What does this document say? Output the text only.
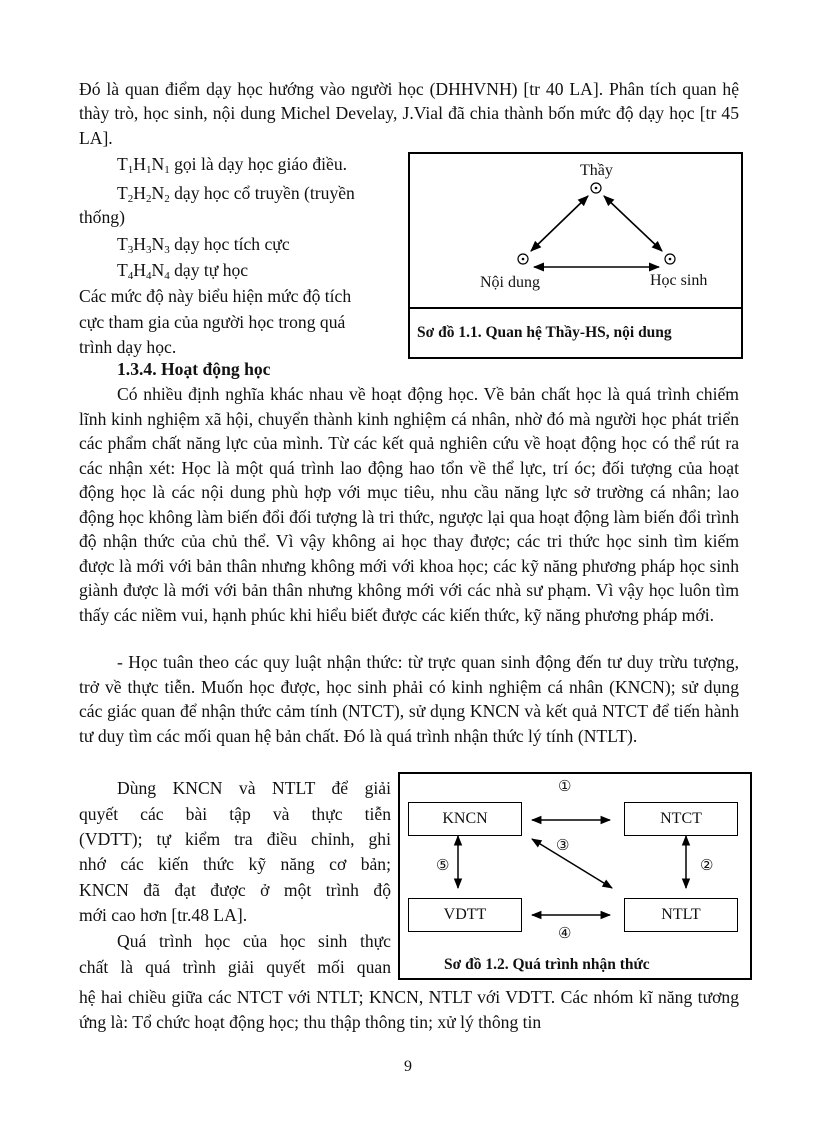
Đó là quan điểm dạy học hướng vào người học (DHHVNH) [tr 40 LA]. Phân tích quan hệ thày trò, học sinh, nội dung Michel Develay, J.Vial đã chia thành bốn mức độ dạy học [tr 45 LA].

$T_1H_1N_1$ gọi là dạy học giáo điều.
$T_2H_2N_2$ dạy học cổ truyền (truyền
thống)
$T_3H_3N_3$ dạy học tích cực
$T_4H_4N_4$ dạy tự học
Các mức độ này biểu hiện mức độ tích
cực tham gia của người học trong quá
trình dạy học.
Thầy
Nội dung	Học sinh
Sơ đồ 1.1. Quan hệ Thầy-HS, nội dung
1.3.4. Hoạt động học

Có nhiều định nghĩa khác nhau về hoạt động học. Về bản chất học là quá trình chiếm lĩnh kinh nghiệm xã hội, chuyển thành kinh nghiệm cá nhân, nhờ đó mà người học phát triển các phẩm chất năng lực của mình. Từ các kết quả nghiên cứu về hoạt động học có thể rút ra các nhận xét: Học là một quá trình lao động hao tổn về thể lực, trí óc; đối tượng của hoạt động học là các nội dung phù hợp với mục tiêu, nhu cầu năng lực sở trường cá nhân; lao động học không làm biến đổi đối tượng là tri thức, ngược lại qua hoạt động làm biến đổi trình độ nhận thức của chủ thể. Vì vậy không ai học thay được; các tri thức học sinh tìm kiếm được là mới với bản thân nhưng không mới với khoa học; các kỹ năng phương pháp học sinh giành được là mới với bản thân nhưng không mới với các nhà sư phạm. Vì vậy học luôn tìm thấy các niềm vui, hạnh phúc khi hiểu biết được các kiến thức, kỹ năng phương pháp mới.

- Học tuân theo các quy luật nhận thức: từ trực quan sinh động đến tư duy trừu tượng, trở về thực tiễn. Muốn học được, học sinh phải có kinh nghiệm cá nhân (KNCN); sử dụng các giác quan để nhận thức cảm tính (NTCT), sử dụng KNCN và kết quả NTCT để tiến hành tư duy tìm các mối quan hệ bản chất. Đó là quá trình nhận thức lý tính (NTLT).

Dùng KNCN và NTLT để giải
quyết các bài tập và thực tiễn
(VDTT); tự kiểm tra điều chỉnh, ghi
nhớ các kiến thức kỹ năng cơ bản;
KNCN đã đạt được ở một trình độ
mới cao hơn [tr.48 LA].
Quá trình học của học sinh thực
chất là quá trình giải quyết mối quan
KNCN	NTCT
VDTT	NTLT
①
②
③
④
⑤
Sơ đồ 1.2. Quá trình nhận thức

hệ hai chiều giữa các NTCT với NTLT; KNCN, NTLT với VDTT. Các nhóm kĩ năng tương ứng là: Tổ chức hoạt động học; thu thập thông tin; xử lý thông tin

9
